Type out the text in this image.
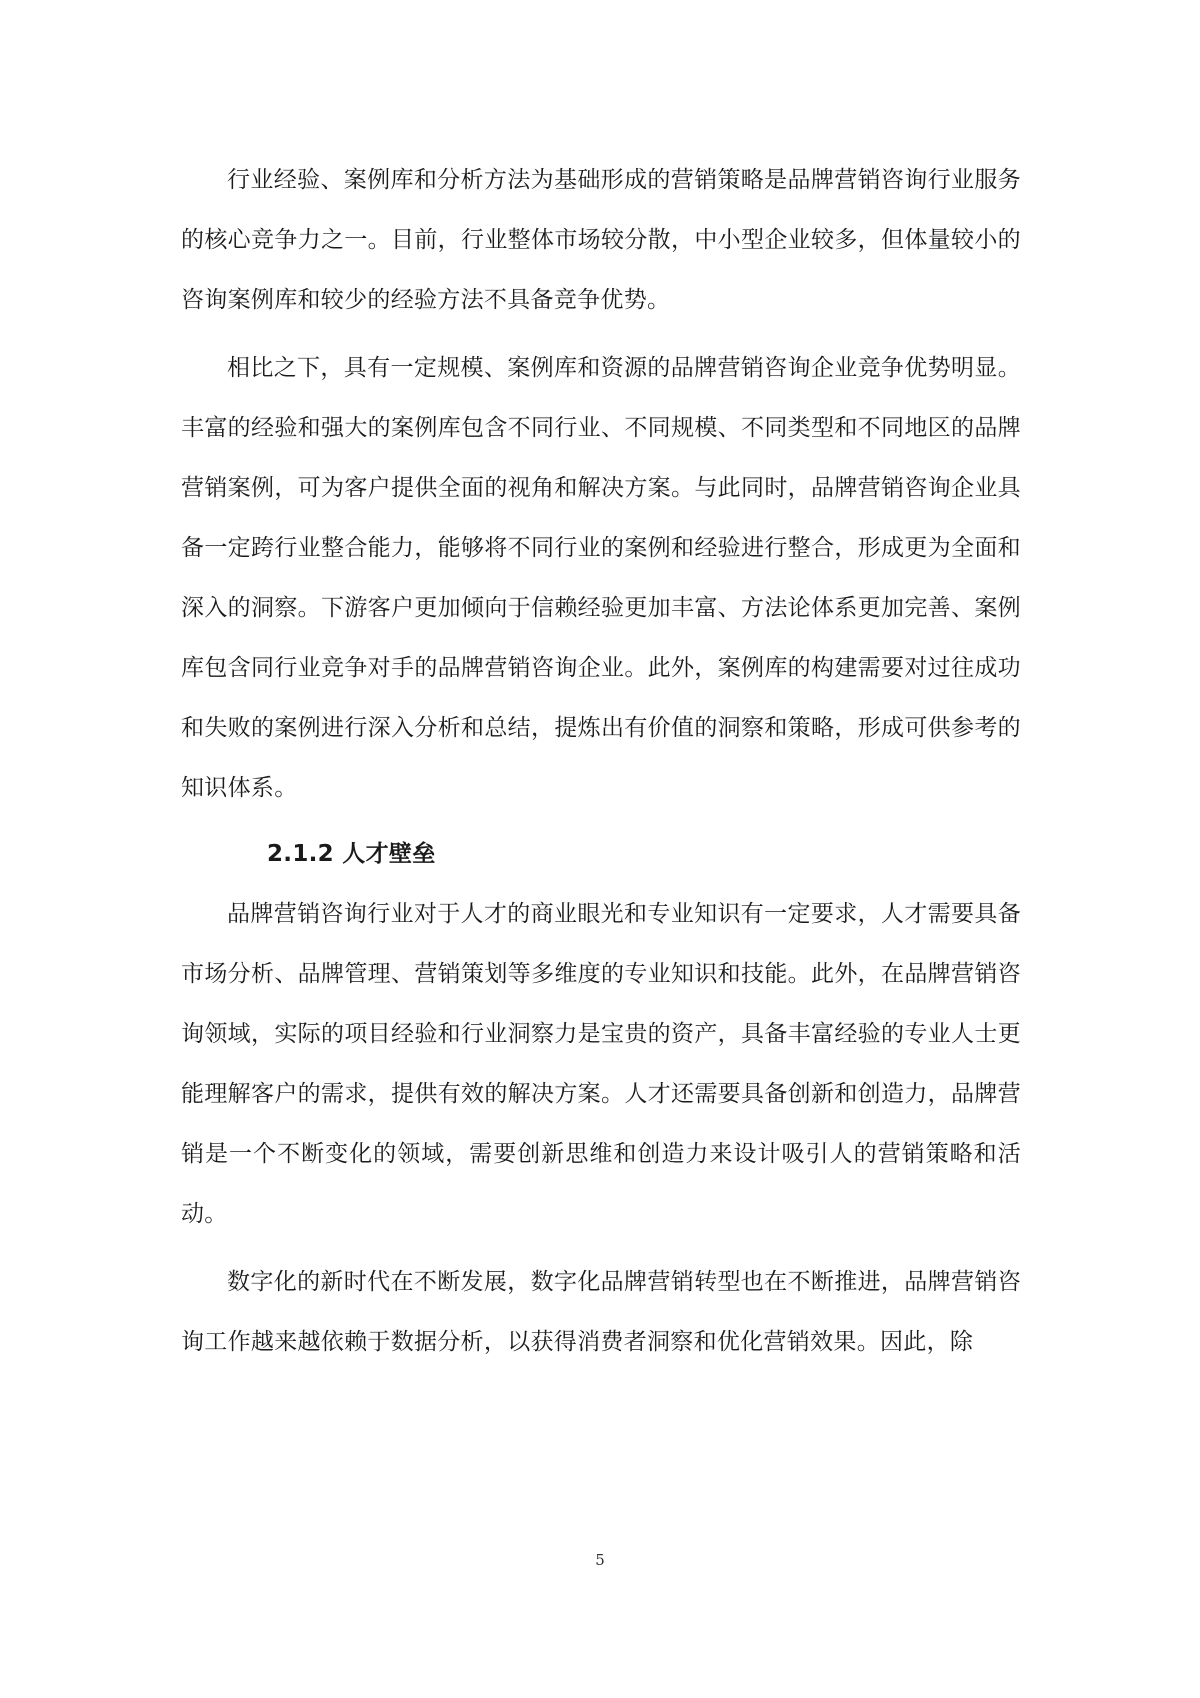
行业经验、案例库和分析方法为基础形成的营销策略是品牌营销咨询行业服务的核心竞争力之一。目前，行业整体市场较分散，中小型企业较多，但体量较小的咨询案例库和较少的经验方法不具备竞争优势。

相比之下，具有一定规模、案例库和资源的品牌营销咨询企业竞争优势明显。丰富的经验和强大的案例库包含不同行业、不同规模、不同类型和不同地区的品牌营销案例，可为客户提供全面的视角和解决方案。与此同时，品牌营销咨询企业具备一定跨行业整合能力，能够将不同行业的案例和经验进行整合，形成更为全面和深入的洞察。下游客户更加倾向于信赖经验更加丰富、方法论体系更加完善、案例库包含同行业竞争对手的品牌营销咨询企业。此外，案例库的构建需要对过往成功和失败的案例进行深入分析和总结，提炼出有价值的洞察和策略，形成可供参考的知识体系。

2.1.2 人才壁垒

品牌营销咨询行业对于人才的商业眼光和专业知识有一定要求，人才需要具备市场分析、品牌管理、营销策划等多维度的专业知识和技能。此外，在品牌营销咨询领域，实际的项目经验和行业洞察力是宝贵的资产，具备丰富经验的专业人士更能理解客户的需求，提供有效的解决方案。人才还需要具备创新和创造力，品牌营销是一个不断变化的领域，需要创新思维和创造力来设计吸引人的营销策略和活动。

数字化的新时代在不断发展，数字化品牌营销转型也在不断推进，品牌营销咨询工作越来越依赖于数据分析，以获得消费者洞察和优化营销效果。因此，除

5
